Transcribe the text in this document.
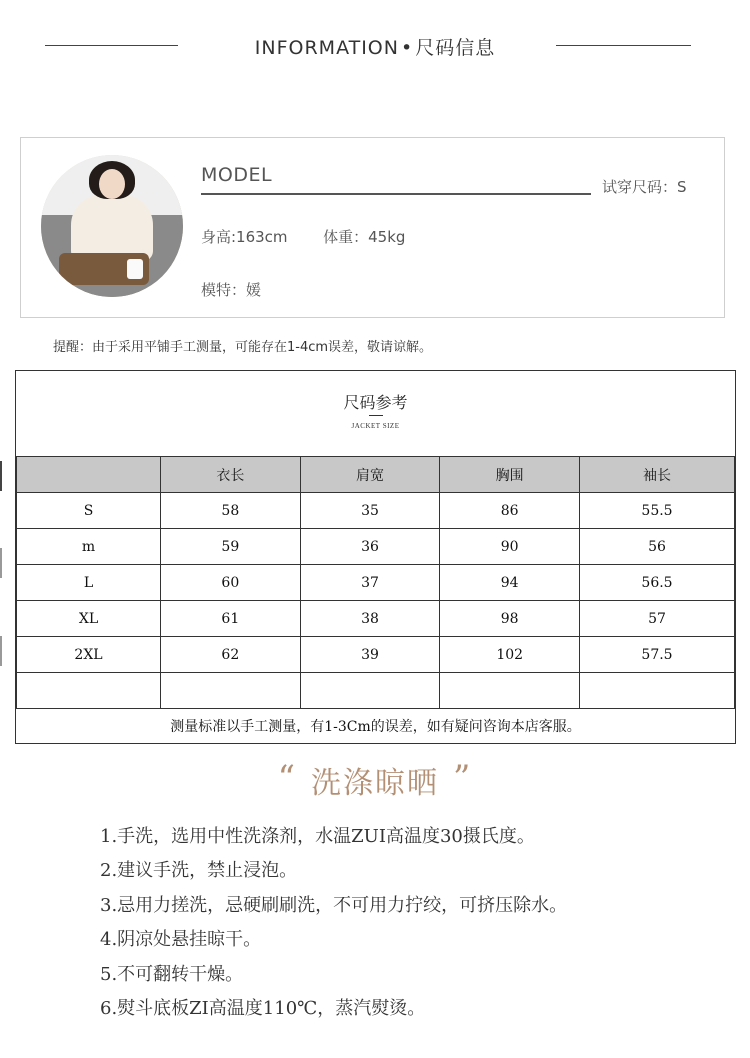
INFORMATION • 尺码信息
MODEL
试穿尺码：S
身高:163cm 体重：45kg
模特：媛
提醒：由于采用平铺手工测量，可能存在1-4cm误差，敬请谅解。
尺码参考
JACKET SIZE
	衣长	肩宽	胸围	袖长
S	58	35	86	55.5
m	59	36	90	56
L	60	37	94	56.5
XL	61	38	98	57
2XL	62	39	102	57.5

测量标准以手工测量，有1-3Cm的误差，如有疑问咨询本店客服。
“ 洗涤晾晒 ”
1.手洗，选用中性洗涤剂，水温ZUI高温度30摄氏度。
2.建议手洗，禁止浸泡。
3.忌用力搓洗，忌硬刷刷洗，不可用力拧绞，可挤压除水。
4.阴凉处悬挂晾干。
5.不可翻转干燥。
6.熨斗底板ZI高温度110℃，蒸汽熨烫。
